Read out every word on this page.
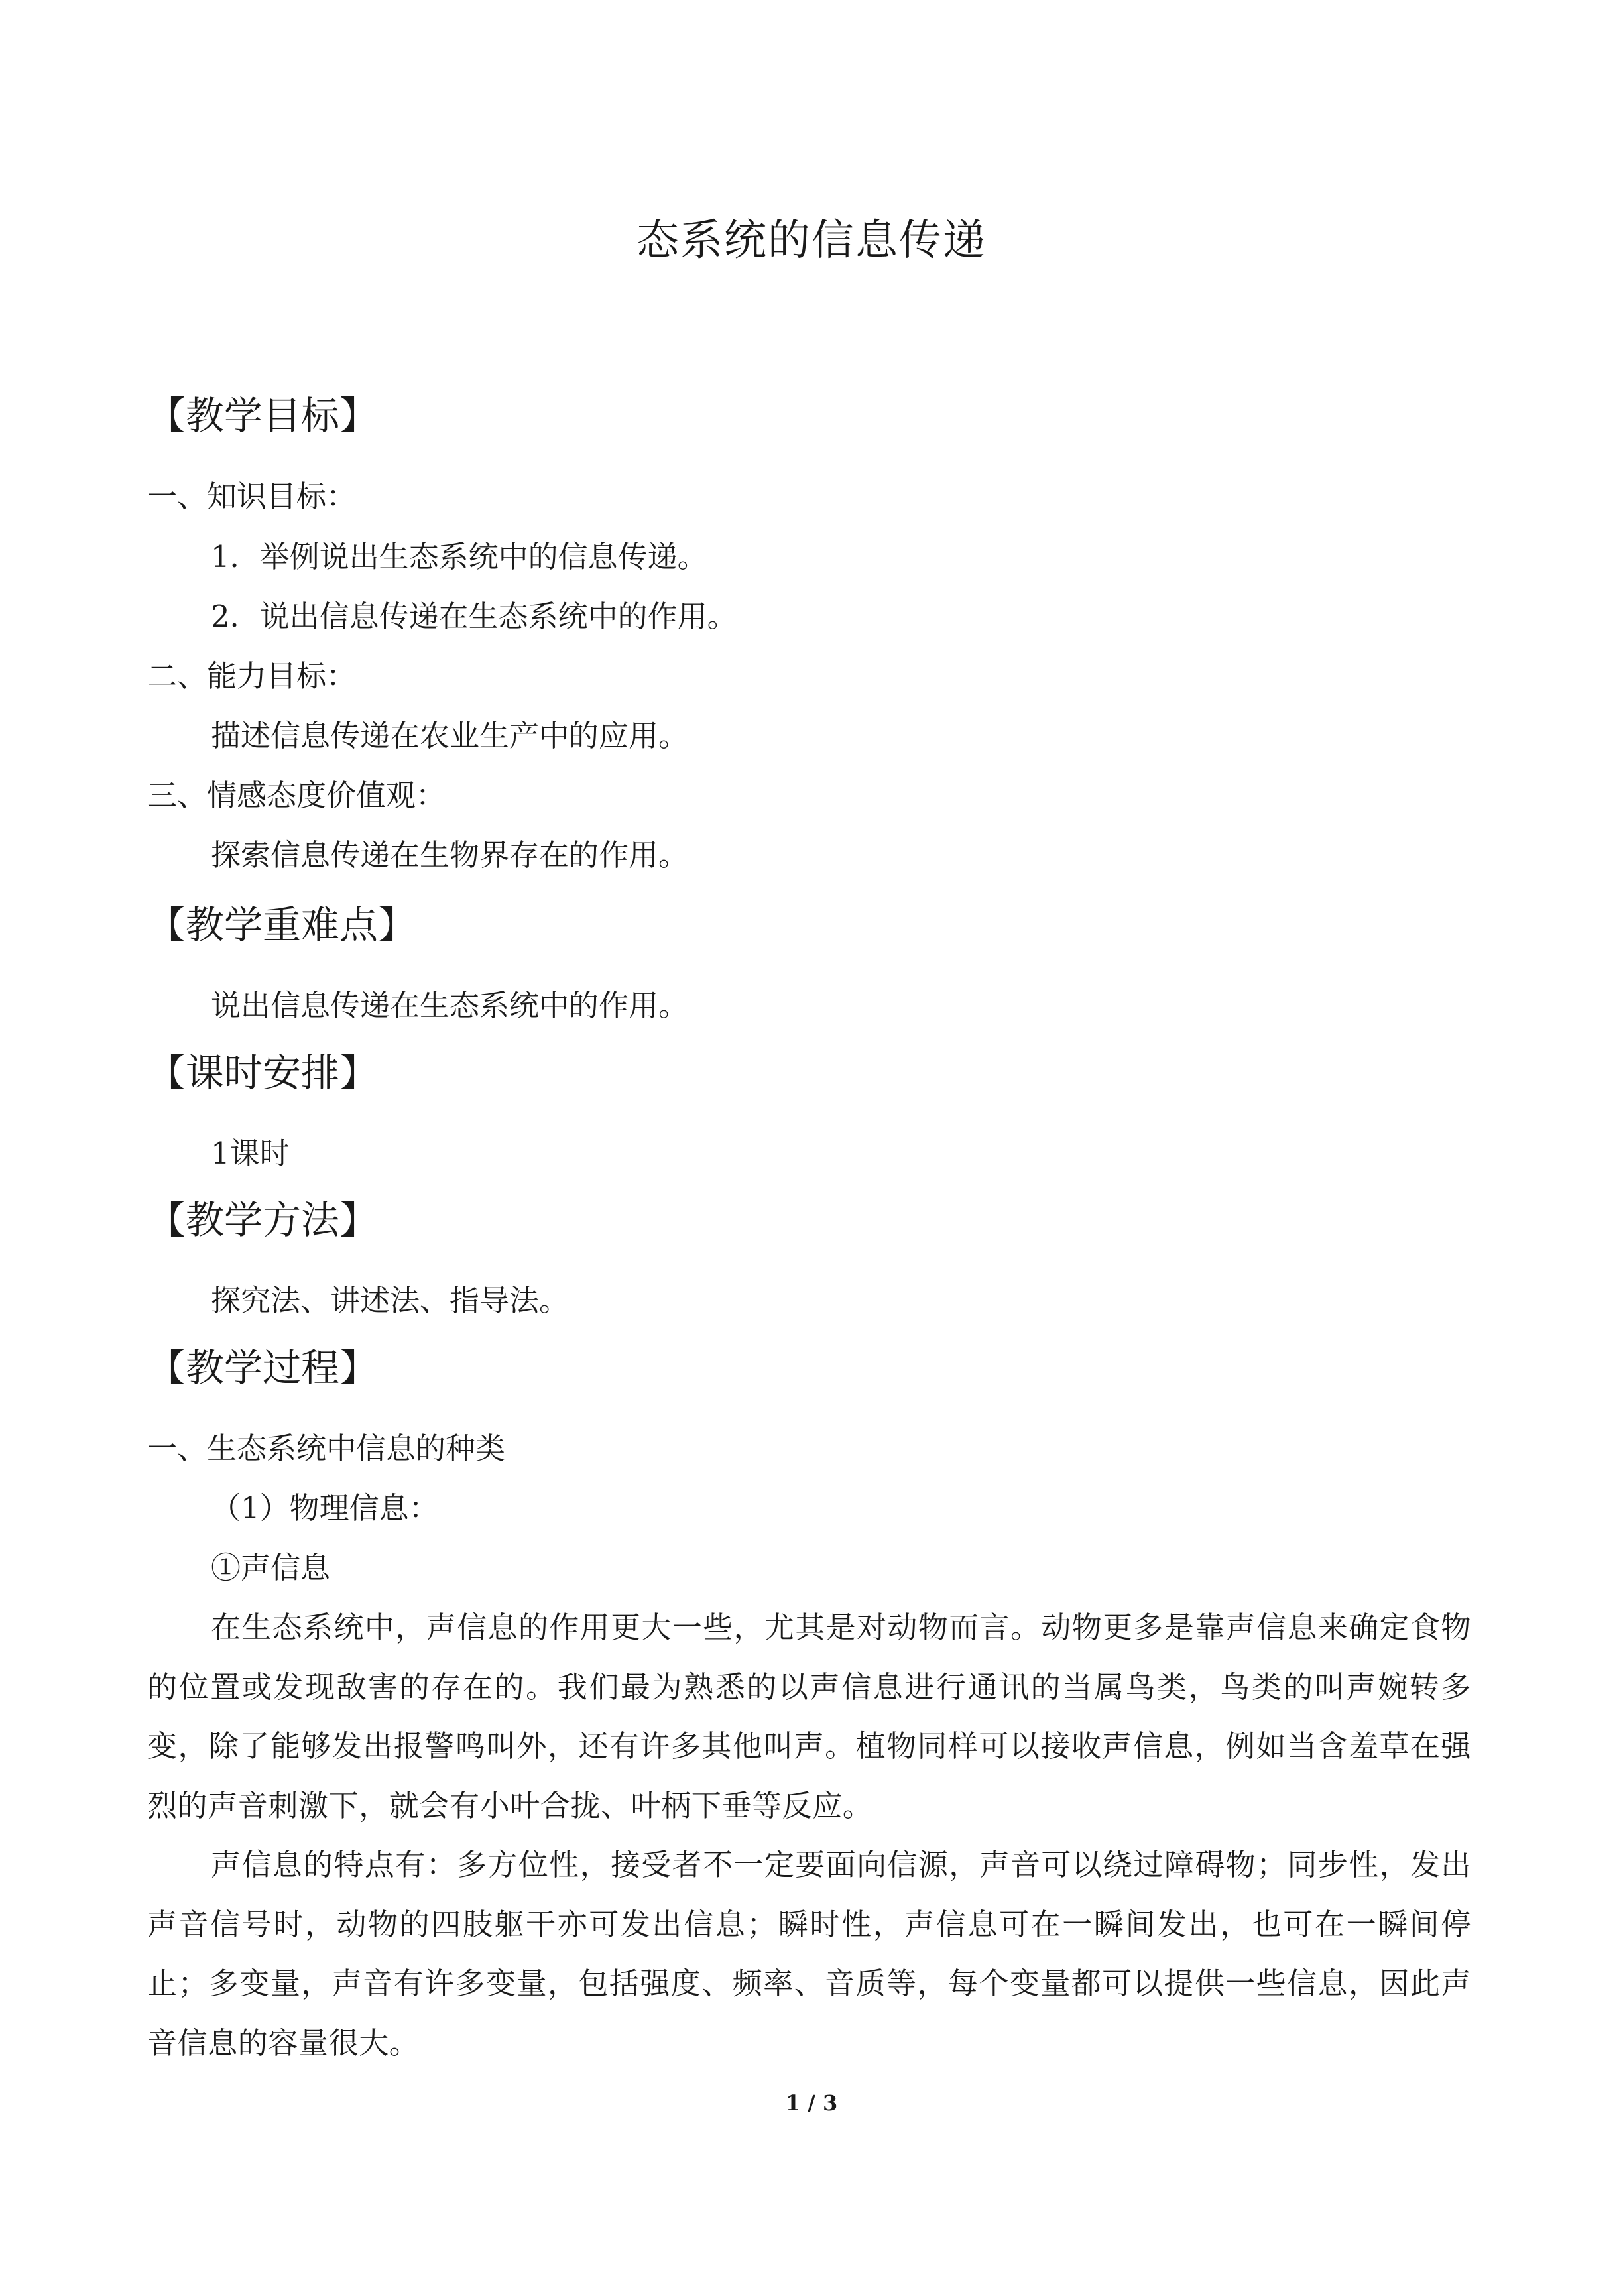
态系统的信息传递
【教学目标】
一、知识目标：
1．举例说出生态系统中的信息传递。
2．说出信息传递在生态系统中的作用。
二、能力目标：
描述信息传递在农业生产中的应用。
三、情感态度价值观：
探索信息传递在生物界存在的作用。
【教学重难点】
说出信息传递在生态系统中的作用。
【课时安排】
1课时
【教学方法】
探究法、讲述法、指导法。
【教学过程】
一、生态系统中信息的种类
（1）物理信息：
①声信息

在生态系统中，声信息的作用更大一些，尤其是对动物而言。动物更多是靠声信息来确定食物的位置或发现敌害的存在的。我们最为熟悉的以声信息进行通讯的当属鸟类，鸟类的叫声婉转多变，除了能够发出报警鸣叫外，还有许多其他叫声。植物同样可以接收声信息，例如当含羞草在强烈的声音刺激下，就会有小叶合拢、叶柄下垂等反应。

声信息的特点有：多方位性，接受者不一定要面向信源，声音可以绕过障碍物；同步性，发出声音信号时，动物的四肢躯干亦可发出信息；瞬时性，声信息可在一瞬间发出，也可在一瞬间停止；多变量，声音有许多变量，包括强度、频率、音质等，每个变量都可以提供一些信息，因此声音信息的容量很大。

1 / 3
